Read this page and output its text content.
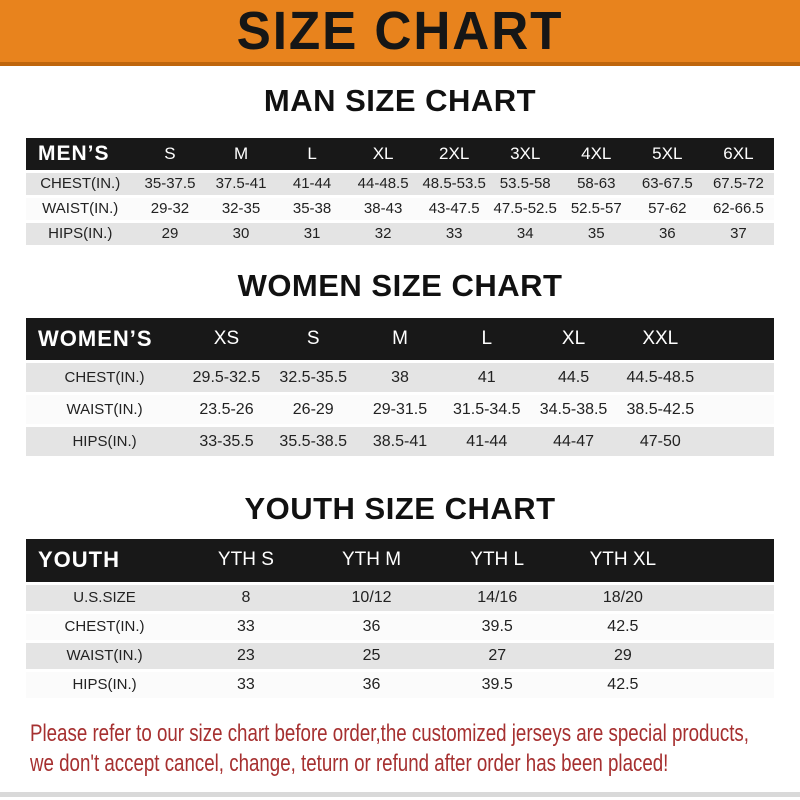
SIZE CHART
MAN SIZE CHART
MEN’S	S	M	L	XL	2XL	3XL	4XL	5XL	6XL
CHEST(IN.)	35-37.5	37.5-41	41-44	44-48.5	48.5-53.5	53.5-58	58-63	63-67.5	67.5-72
WAIST(IN.)	29-32	32-35	35-38	38-43	43-47.5	47.5-52.5	52.5-57	57-62	62-66.5
HIPS(IN.)	29	30	31	32	33	34	35	36	37
WOMEN SIZE CHART
WOMEN’S	XS	S	M	L	XL	XXL	
CHEST(IN.)	29.5-32.5	32.5-35.5	38	41	44.5	44.5-48.5	
WAIST(IN.)	23.5-26	26-29	29-31.5	31.5-34.5	34.5-38.5	38.5-42.5	
HIPS(IN.)	33-35.5	35.5-38.5	38.5-41	41-44	44-47	47-50	
YOUTH SIZE CHART
YOUTH	YTH S	YTH M	YTH L	YTH XL	
U.S.SIZE	8	10/12	14/16	18/20	
CHEST(IN.)	33	36	39.5	42.5	
WAIST(IN.)	23	25	27	29	
HIPS(IN.)	33	36	39.5	42.5	
Please refer to our size chart before order,the customized jerseys are special products,
we don't accept cancel, change, teturn or refund after order has been placed!
